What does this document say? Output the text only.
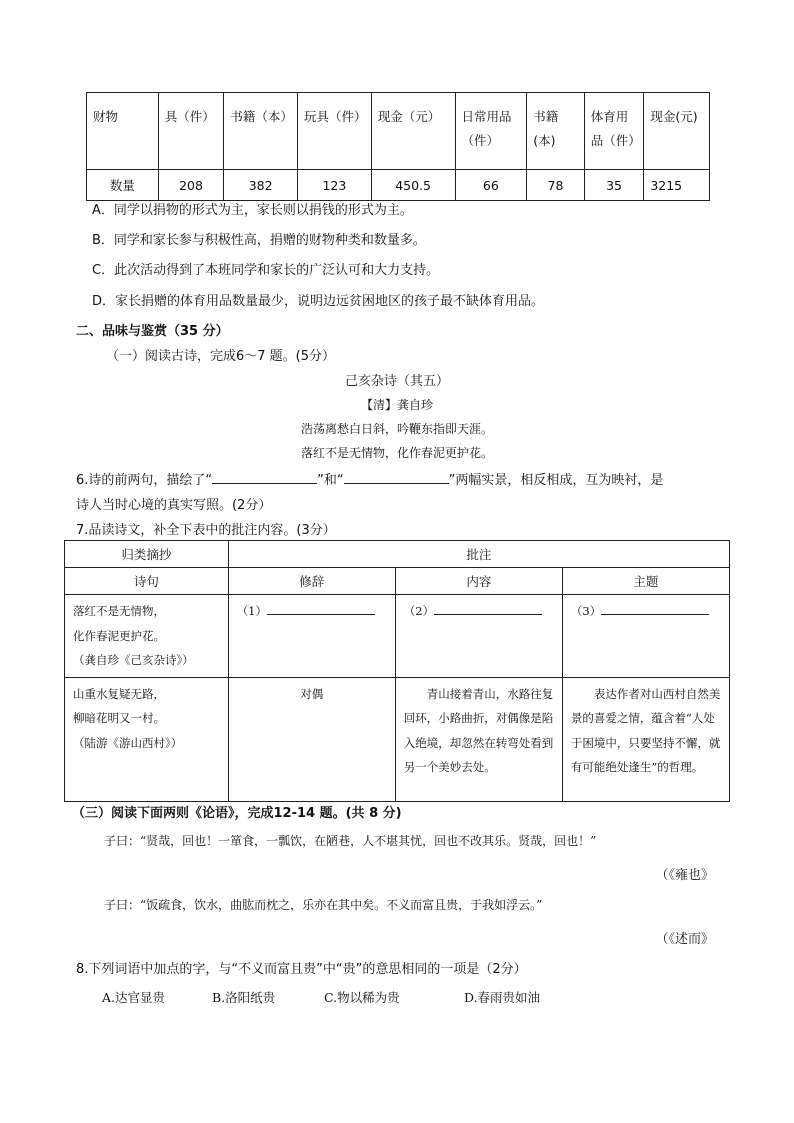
财物	具（件）	书籍（本）	玩具（件）	现金（元）	日常用品（件）	书籍(本)	体育用品（件）	现金(元)
数量	208	382	123	450.5	66	78	35	3215
A．同学以捐物的形式为主，家长则以捐钱的形式为主。
B．同学和家长参与积极性高，捐赠的财物种类和数量多。
C．此次活动得到了本班同学和家长的广泛认可和大力支持。
D．家长捐赠的体育用品数量最少，说明边远贫困地区的孩子最不缺体育用品。
二、品味与鉴赏（35 分）
（一）阅读古诗，完成6～7 题。(5分）
己亥杂诗（其五）
【清】龚自珍
浩荡离愁白日斜，吟鞭东指即天涯。
落红不是无情物，化作春泥更护花。
6.诗的前两句，描绘了“	”和“	”两幅实景，相反相成，互为映衬，是
诗人当时心境的真实写照。(2分）
7.品读诗文，补全下表中的批注内容。(3分）
归类摘抄	批注		
诗句	修辞	内容	主题

落红不是无情物，
化作春泥更护花。
（龚自珍《己亥杂诗》）	（1）	（2）	（3）

山重水复疑无路，
柳暗花明又一村。
（陆游《游山西村》）	对偶	青山接着青山，水路往复回环，小路曲折，对偶像是陷入绝境，却忽然在转弯处看到另一个美妙去处。	表达作者对山西村自然美景的喜爱之情，蕴含着“人处于困境中，只要坚持不懈，就有可能绝处逢生”的哲理。
（三）阅读下面两则《论语》，完成12-14 题。(共 8 分)
子曰：“贤哉，回也！一箪食，一瓢饮，在陋巷，人不堪其忧，回也不改其乐。贤哉，回也！”
（《雍也》
子曰：“饭疏食，饮水，曲肱而枕之，乐亦在其中矣。不义而富且贵，于我如浮云。”
（《述而》
8.下列词语中加点的字，与“不义而富且贵”中“贵”的意思相同的一项是（2分）
A.达官显贵	B.洛阳纸贵	C.物以稀为贵	D.春雨贵如油
